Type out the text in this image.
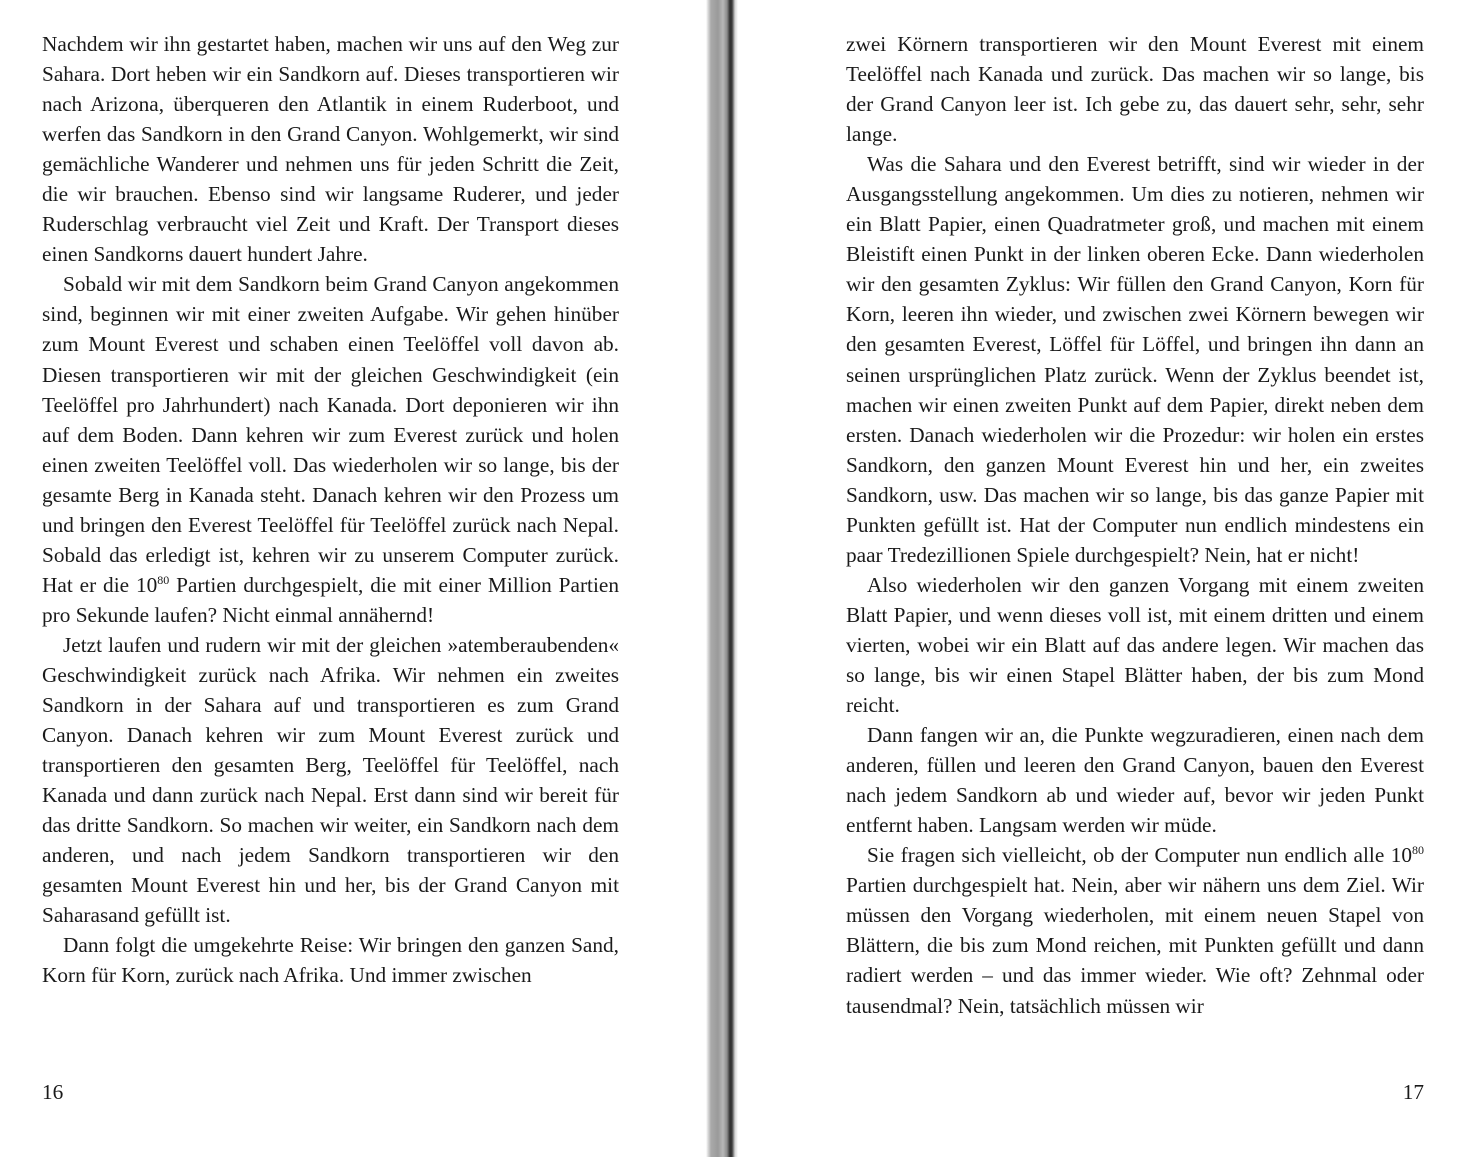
Nachdem wir ihn gestartet haben, machen wir uns auf den Weg zur Sahara. Dort heben wir ein Sandkorn auf. Dieses transportieren wir nach Arizona, überqueren den Atlantik in einem Ruderboot, und werfen das Sandkorn in den Grand Canyon. Wohlgemerkt, wir sind gemächliche Wanderer und nehmen uns für jeden Schritt die Zeit, die wir brauchen. Ebenso sind wir langsame Ruderer, und jeder Ruderschlag verbraucht viel Zeit und Kraft. Der Transport dieses einen Sandkorns dauert hundert Jahre.

Sobald wir mit dem Sandkorn beim Grand Canyon angekommen sind, beginnen wir mit einer zweiten Aufgabe. Wir gehen hinüber zum Mount Everest und schaben einen Teelöffel voll davon ab. Diesen transportieren wir mit der gleichen Geschwindigkeit (ein Teelöffel pro Jahrhundert) nach Kanada. Dort deponieren wir ihn auf dem Boden. Dann kehren wir zum Everest zurück und holen einen zweiten Teelöffel voll. Das wiederholen wir so lange, bis der gesamte Berg in Kanada steht. Danach kehren wir den Prozess um und bringen den Everest Teelöffel für Teelöffel zurück nach Nepal. Sobald das erledigt ist, kehren wir zu unserem Computer zurück. Hat er die $10^{80}$ Partien durchgespielt, die mit einer Million Partien pro Sekunde laufen? Nicht einmal annähernd!

Jetzt laufen und rudern wir mit der gleichen »atemberaubenden« Geschwindigkeit zurück nach Afrika. Wir nehmen ein zweites Sandkorn in der Sahara auf und transportieren es zum Grand Canyon. Danach kehren wir zum Mount Everest zurück und transportieren den gesamten Berg, Teelöffel für Teelöffel, nach Kanada und dann zurück nach Nepal. Erst dann sind wir bereit für das dritte Sandkorn. So machen wir weiter, ein Sandkorn nach dem anderen, und nach jedem Sandkorn transportieren wir den gesamten Mount Everest hin und her, bis der Grand Canyon mit Saharasand gefüllt ist.

Dann folgt die umgekehrte Reise: Wir bringen den ganzen Sand, Korn für Korn, zurück nach Afrika. Und immer zwischen

16

zwei Körnern transportieren wir den Mount Everest mit einem Teelöffel nach Kanada und zurück. Das machen wir so lange, bis der Grand Canyon leer ist. Ich gebe zu, das dauert sehr, sehr, sehr lange.

Was die Sahara und den Everest betrifft, sind wir wieder in der Ausgangsstellung angekommen. Um dies zu notieren, nehmen wir ein Blatt Papier, einen Quadratmeter groß, und machen mit einem Bleistift einen Punkt in der linken oberen Ecke. Dann wiederholen wir den gesamten Zyklus: Wir füllen den Grand Canyon, Korn für Korn, leeren ihn wieder, und zwischen zwei Körnern bewegen wir den gesamten Everest, Löffel für Löffel, und bringen ihn dann an seinen ursprünglichen Platz zurück. Wenn der Zyklus beendet ist, machen wir einen zweiten Punkt auf dem Papier, direkt neben dem ersten. Danach wiederholen wir die Prozedur: wir holen ein erstes Sandkorn, den ganzen Mount Everest hin und her, ein zweites Sandkorn, usw. Das machen wir so lange, bis das ganze Papier mit Punkten gefüllt ist. Hat der Computer nun endlich mindestens ein paar Tredezillionen Spiele durchgespielt? Nein, hat er nicht!

Also wiederholen wir den ganzen Vorgang mit einem zweiten Blatt Papier, und wenn dieses voll ist, mit einem dritten und einem vierten, wobei wir ein Blatt auf das andere legen. Wir machen das so lange, bis wir einen Stapel Blätter haben, der bis zum Mond reicht.

Dann fangen wir an, die Punkte wegzuradieren, einen nach dem anderen, füllen und leeren den Grand Canyon, bauen den Everest nach jedem Sandkorn ab und wieder auf, bevor wir jeden Punkt entfernt haben. Langsam werden wir müde.

Sie fragen sich vielleicht, ob der Computer nun endlich alle $10^{80}$ Partien durchgespielt hat. Nein, aber wir nähern uns dem Ziel. Wir müssen den Vorgang wiederholen, mit einem neuen Stapel von Blättern, die bis zum Mond reichen, mit Punkten gefüllt und dann radiert werden – und das immer wieder. Wie oft? Zehnmal oder tausendmal? Nein, tatsächlich müssen wir

17
